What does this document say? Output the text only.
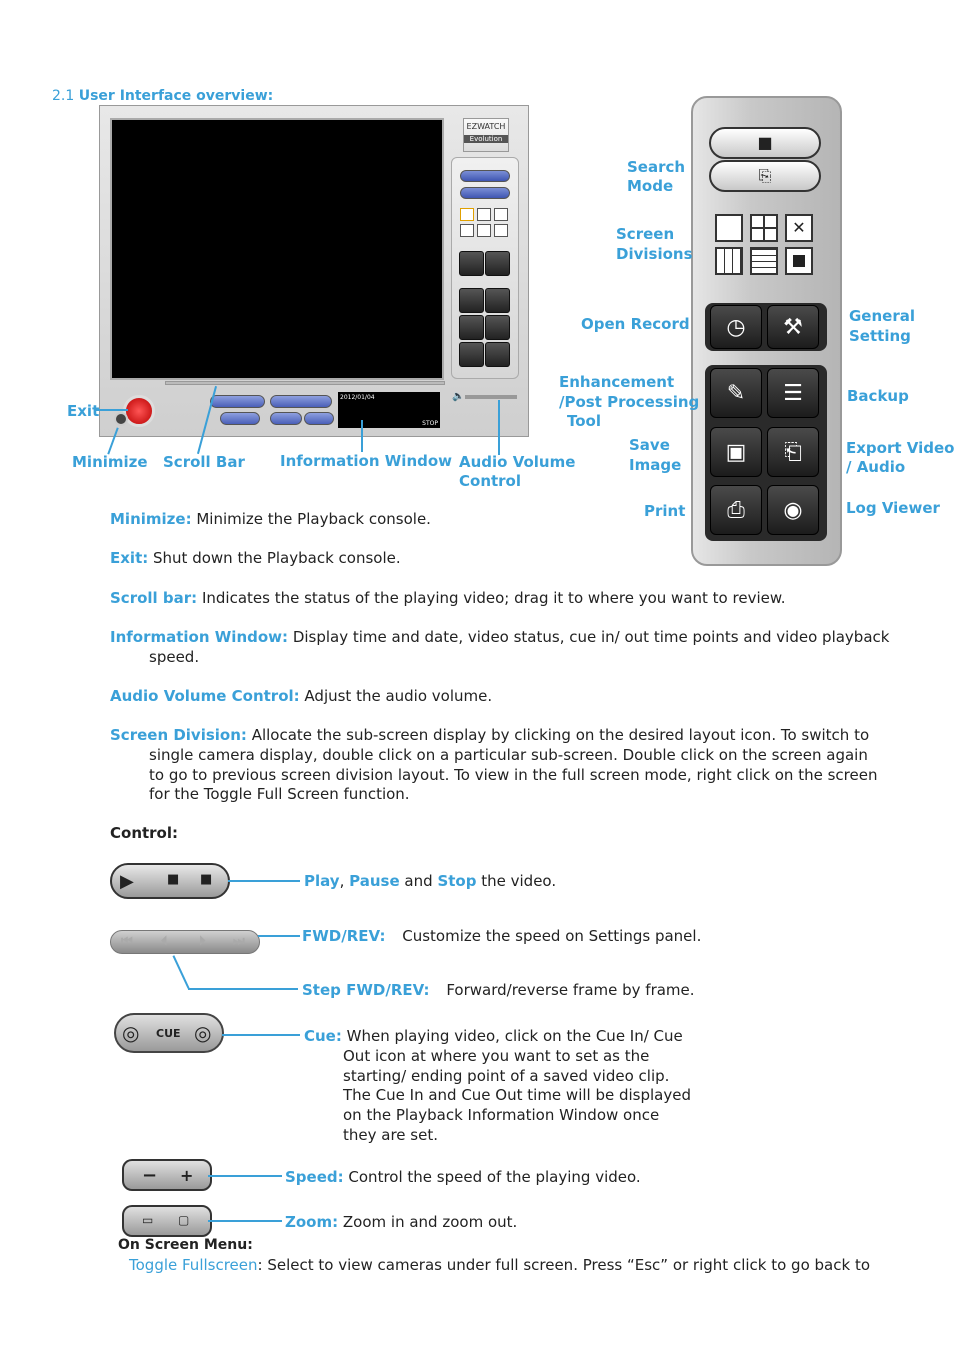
2.1 User Interface overview:
EZWATCH
Evolution
2012/01/04
STOP
🔈
Exit
Minimize Scroll Bar Information Window Audio Volume
Control
■
⎘
✕
◷	⚒
✎	☰
▣	⎗
⎙	◉
Search
Mode
Screen
Divisions
Open Record	General
Setting
Enhancement
/Post Processing
Tool
Backup
Save
Image
Export Video
/ Audio
Print	Log Viewer
Minimize: Minimize the Playback console.
Exit: Shut down the Playback console.
Scroll bar: Indicates the status of the playing video; drag it to where you want to review.
Information Window: Display time and date, video status, cue in/ out time points and video playback
speed.
Audio Volume Control: Adjust the audio volume.
Screen Division: Allocate the sub-screen display by clicking on the desired layout icon. To switch to
single camera display, double click on a particular sub-screen. Double click on the screen again
to go to previous screen division layout. To view in the full screen mode, right click on the screen
for the Toggle Full Screen function.
Control:
▶	■ ■	Play, Pause and Stop the video.
⏮ ⏴ ⏵ ⏭	FWD/REV: Customize the speed on Settings panel.
Step FWD/REV: Forward/reverse frame by frame.
◎ CUE ◎	Cue: When playing video, click on the Cue In/ Cue
Out icon at where you want to set as the
starting/ ending point of a saved video clip.
The Cue In and Cue Out time will be displayed
on the Playback Information Window once
they are set.
− +	Speed: Control the speed of the playing video.
▭ ▢	Zoom: Zoom in and zoom out.
On Screen Menu:
Toggle Fullscreen: Select to view cameras under full screen. Press “Esc” or right click to go back to
